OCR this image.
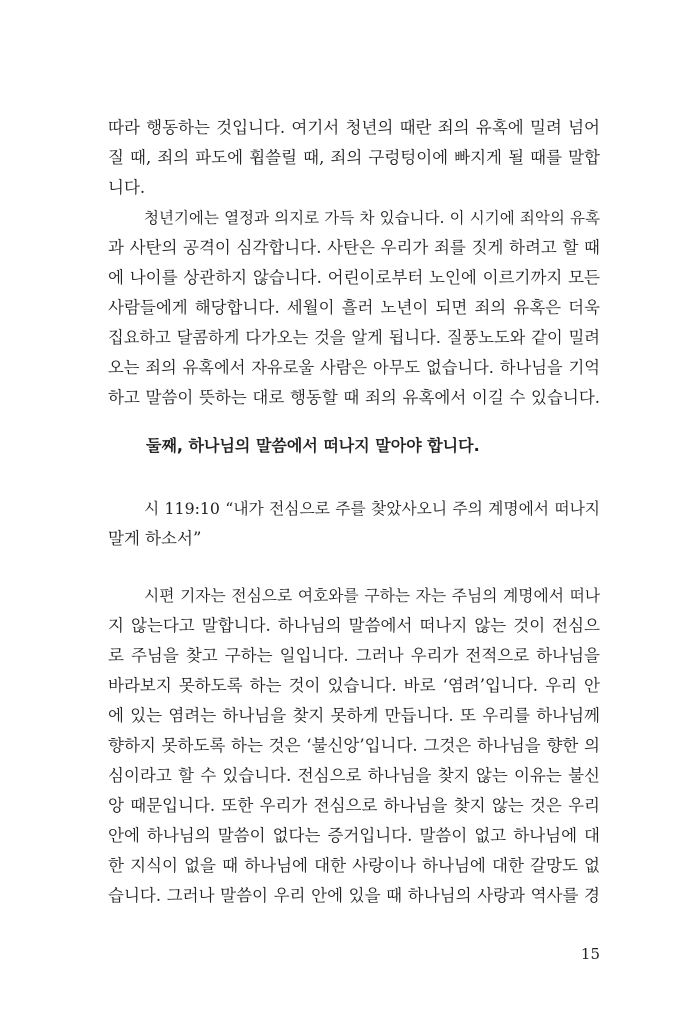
따라 행동하는 것입니다. 여기서 청년의 때란 죄의 유혹에 밀려 넘어
질 때, 죄의 파도에 휩쓸릴 때, 죄의 구렁텅이에 빠지게 될 때를 말합
니다.
청년기에는 열정과 의지로 가득 차 있습니다. 이 시기에 죄악의 유혹
과 사탄의 공격이 심각합니다. 사탄은 우리가 죄를 짓게 하려고 할 때
에 나이를 상관하지 않습니다. 어린이로부터 노인에 이르기까지 모든
사람들에게 해당합니다. 세월이 흘러 노년이 되면 죄의 유혹은 더욱
집요하고 달콤하게 다가오는 것을 알게 됩니다. 질풍노도와 같이 밀려
오는 죄의 유혹에서 자유로울 사람은 아무도 없습니다. 하나님을 기억
하고 말씀이 뜻하는 대로 행동할 때 죄의 유혹에서 이길 수 있습니다.
둘째, 하나님의 말씀에서 떠나지 말아야 합니다.
시 119:10 “내가 전심으로 주를 찾았사오니 주의 계명에서 떠나지
말게 하소서”
시편 기자는 전심으로 여호와를 구하는 자는 주님의 계명에서 떠나
지 않는다고 말합니다. 하나님의 말씀에서 떠나지 않는 것이 전심으
로 주님을 찾고 구하는 일입니다. 그러나 우리가 전적으로 하나님을
바라보지 못하도록 하는 것이 있습니다. 바로 ‘염려’입니다. 우리 안
에 있는 염려는 하나님을 찾지 못하게 만듭니다. 또 우리를 하나님께
향하지 못하도록 하는 것은 ‘불신앙’입니다. 그것은 하나님을 향한 의
심이라고 할 수 있습니다. 전심으로 하나님을 찾지 않는 이유는 불신
앙 때문입니다. 또한 우리가 전심으로 하나님을 찾지 않는 것은 우리
안에 하나님의 말씀이 없다는 증거입니다. 말씀이 없고 하나님에 대
한 지식이 없을 때 하나님에 대한 사랑이나 하나님에 대한 갈망도 없
습니다. 그러나 말씀이 우리 안에 있을 때 하나님의 사랑과 역사를 경
15
